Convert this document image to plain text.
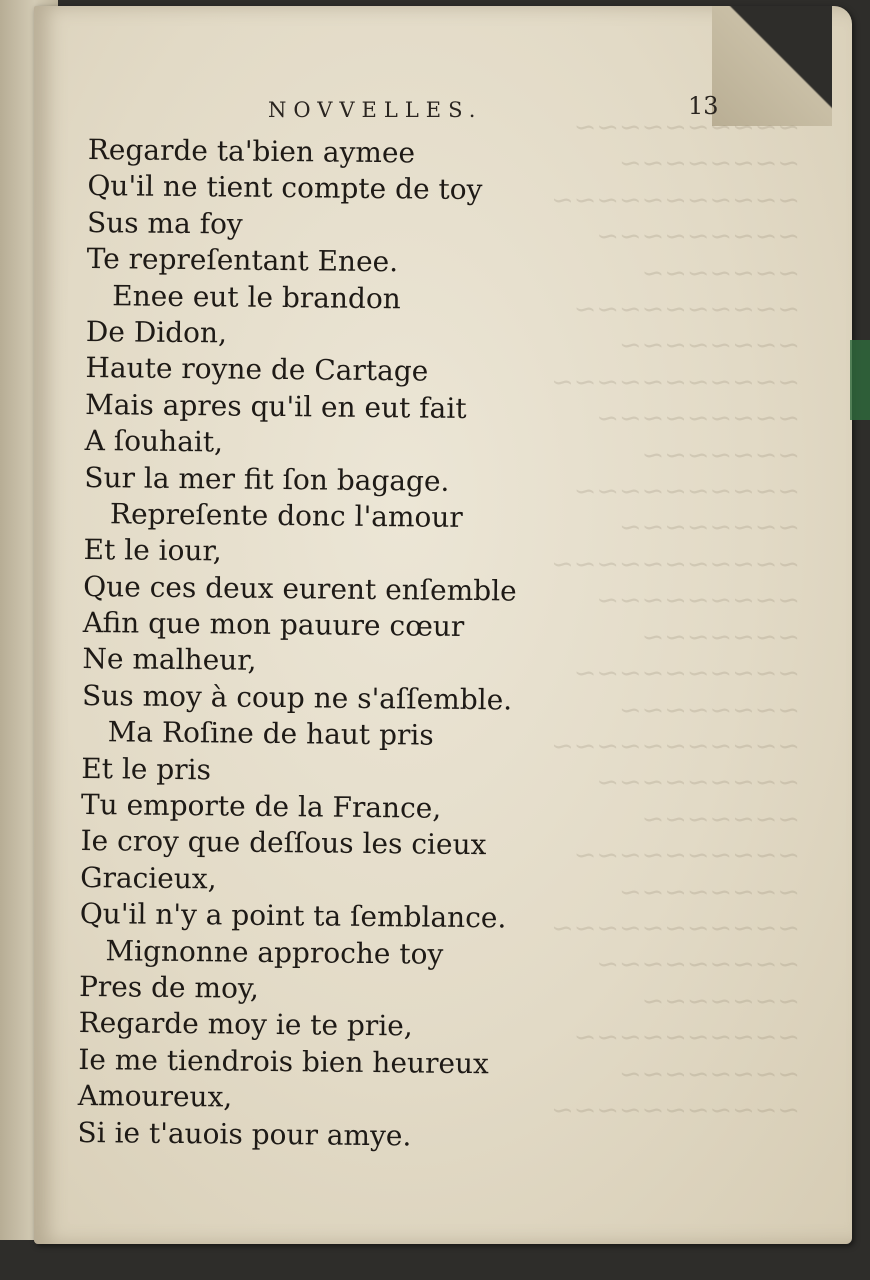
NOVVELLES.	13
Regarde ta'bien aymee
Qu'il ne tient compte de toy
Sus ma foy
Te repreſentant Enee.
Enee eut le brandon
De Didon,
Haute royne de Cartage
Mais apres qu'il en eut fait
A ſouhait,
Sur la mer fit ſon bagage.
Repreſente donc l'amour
Et le iour,
Que ces deux eurent enſemble
Afin que mon pauure cœur
Ne malheur,
Sus moy à coup ne s'aſſemble.
Ma Roſine de haut pris
Et le pris
Tu emporte de la France,
Ie croy que deſſous les cieux
Gracieux,
Qu'il n'y a point ta ſemblance.
Mignonne approche toy
Pres de moy,
Regarde moy ie te prie,
Ie me tiendrois bien heureux
Amoureux,
Si ie t'auois pour amye.
